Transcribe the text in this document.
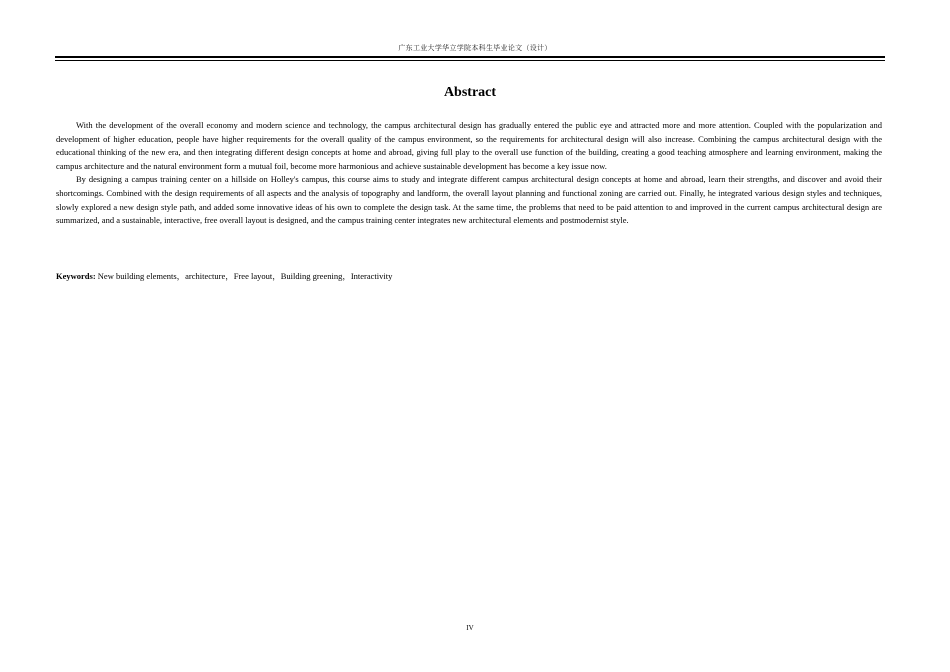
广东工业大学华立学院本科生毕业论文（设计）
Abstract

With the development of the overall economy and modern science and technology, the campus architectural design has gradually entered the public eye and attracted more and more attention. Coupled with the popularization and development of higher education, people have higher requirements for the overall quality of the campus environment, so the requirements for architectural design will also increase. Combining the campus architectural design with the educational thinking of the new era, and then integrating different design concepts at home and abroad, giving full play to the overall use function of the building, creating a good teaching atmosphere and learning environment, making the campus architecture and the natural environment form a mutual foil, become more harmonious and achieve sustainable development has become a key issue now.

By designing a campus training center on a hillside on Holley's campus, this course aims to study and integrate different campus architectural design concepts at home and abroad, learn their strengths, and discover and avoid their shortcomings. Combined with the design requirements of all aspects and the analysis of topography and landform, the overall layout planning and functional zoning are carried out. Finally, he integrated various design styles and techniques, slowly explored a new design style path, and added some innovative ideas of his own to complete the design task. At the same time, the problems that need to be paid attention to and improved in the current campus architectural design are summarized, and a sustainable, interactive, free overall layout is designed, and the campus training center integrates new architectural elements and postmodernist style.

Keywords: New building elements，architecture，Free layout，Building greening，Interactivity
IV
